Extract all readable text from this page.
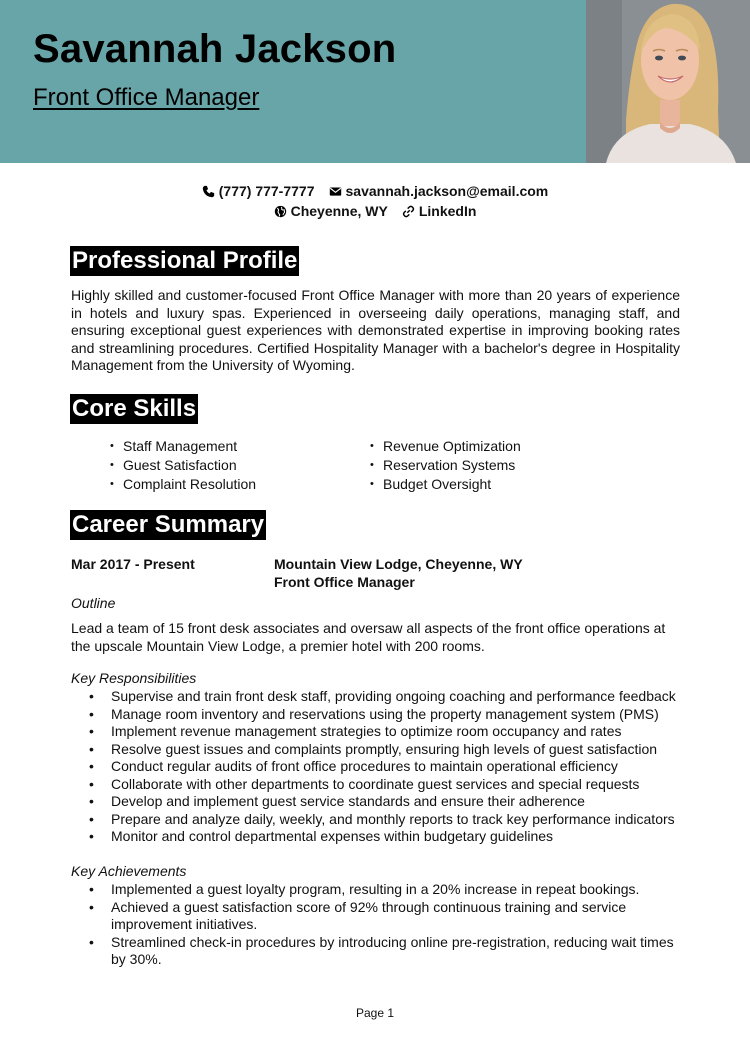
Savannah Jackson
Front Office Manager
(777) 777-7777 savannah.jackson@email.com
Cheyenne, WY LinkedIn
Professional Profile
Highly skilled and customer-focused Front Office Manager with more than 20 years of experience in hotels and luxury spas. Experienced in overseeing daily operations, managing staff, and ensuring exceptional guest experiences with demonstrated expertise in improving booking rates and streamlining procedures. Certified Hospitality Manager with a bachelor's degree in Hospitality Management from the University of Wyoming.
Core Skills
• Staff Management
• Guest Satisfaction
• Complaint Resolution
• Revenue Optimization
• Reservation Systems
• Budget Oversight
Career Summary
Mar 2017 - Present	Mountain View Lodge, Cheyenne, WY
Front Office Manager
Outline
Lead a team of 15 front desk associates and oversaw all aspects of the front office operations at the upscale Mountain View Lodge, a premier hotel with 200 rooms.
Key Responsibilities
• Supervise and train front desk staff, providing ongoing coaching and performance feedback
• Manage room inventory and reservations using the property management system (PMS)
• Implement revenue management strategies to optimize room occupancy and rates
• Resolve guest issues and complaints promptly, ensuring high levels of guest satisfaction
• Conduct regular audits of front office procedures to maintain operational efficiency
• Collaborate with other departments to coordinate guest services and special requests
• Develop and implement guest service standards and ensure their adherence
• Prepare and analyze daily, weekly, and monthly reports to track key performance indicators
• Monitor and control departmental expenses within budgetary guidelines
Key Achievements
• Implemented a guest loyalty program, resulting in a 20% increase in repeat bookings.
• Achieved a guest satisfaction score of 92% through continuous training and service improvement initiatives.
• Streamlined check-in procedures by introducing online pre-registration, reducing wait times by 30%.
Page 1
